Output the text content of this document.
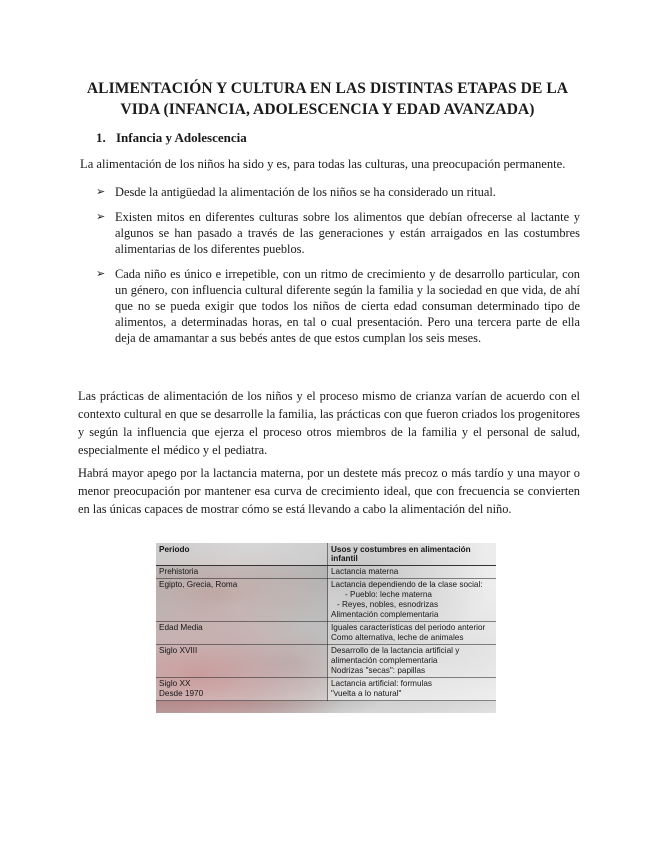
ALIMENTACIÓN Y CULTURA EN LAS DISTINTAS ETAPAS DE LA
VIDA (INFANCIA, ADOLESCENCIA Y EDAD AVANZADA)
1. Infancia y Adolescencia

La alimentación de los niños ha sido y es, para todas las culturas, una preocupación permanente.

➢ Desde la antigüedad la alimentación de los niños se ha considerado un ritual.
➢ Existen mitos en diferentes culturas sobre los alimentos que debían ofrecerse al lactante y algunos se han pasado a través de las generaciones y están arraigados en las costumbres alimentarias de los diferentes pueblos.
➢ Cada niño es único e irrepetible, con un ritmo de crecimiento y de desarrollo particular, con un género, con influencia cultural diferente según la familia y la sociedad en que vida, de ahí que no se pueda exigir que todos los niños de cierta edad consuman determinado tipo de alimentos, a determinadas horas, en tal o cual presentación. Pero una tercera parte de ella deja de amamantar a sus bebés antes de que estos cumplan los seis meses.

Las prácticas de alimentación de los niños y el proceso mismo de crianza varían de acuerdo con el contexto cultural en que se desarrolle la familia, las prácticas con que fueron criados los progenitores y según la influencia que ejerza el proceso otros miembros de la familia y el personal de salud, especialmente el médico y el pediatra.

Habrá mayor apego por la lactancia materna, por un destete más precoz o más tardío y una mayor o menor preocupación por mantener esa curva de crecimiento ideal, que con frecuencia se convierten en las únicas capaces de mostrar cómo se está llevando a cabo la alimentación del niño.

Periodo	Usos y costumbres en alimentación infantil
Prehistoria	Lactancia materna
Egipto, Grecia, Roma	Lactancia dependiendo de la clase social:
- Pueblo: leche materna
- Reyes, nobles, esnodrizas
Alimentación complementaria

Edad Media	Iguales características del periodo anterior
Como alternativa, leche de animales

Siglo XVIII	Desarrollo de la lactancia artificial y
alimentación complementaria
Nodrizas "secas": papillas

Siglo XX
Desde 1970	Lactancia artificial: formulas
"vuelta a lo natural"
